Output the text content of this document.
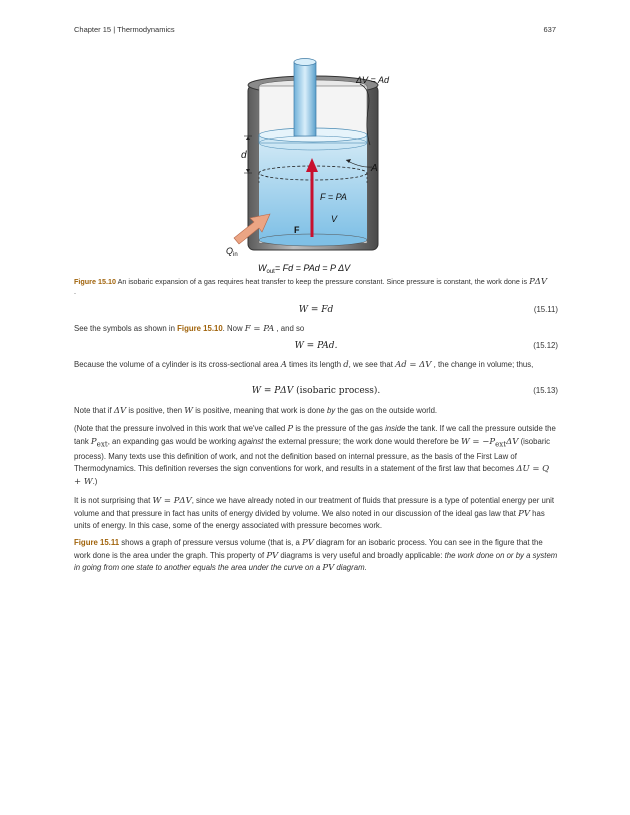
Chapter 15 | Thermodynamics	637
d
ΔV = Ad
A
F = PA
V
F
$Q_{in}$
$W_{out}= Fd$ = PAd = P ΔV
Figure 15.10 An isobaric expansion of a gas requires heat transfer to keep the pressure constant. Since pressure is constant, the work done is PΔV
.
W = Fd	(15.11)
See the symbols as shown in Figure 15.10. Now F = PA , and so
W = PAd.	(15.12)
Because the volume of a cylinder is its cross-sectional area A times its length d, we see that Ad = ΔV , the change in volume; thus,
W = PΔV (isobaric process).	(15.13)
Note that if ΔV is positive, then W is positive, meaning that work is done by the gas on the outside world.
(Note that the pressure involved in this work that we've called P is the pressure of the gas inside the tank. If we call the pressure outside the tank $P_{ext}$, an expanding gas would be working against the external pressure; the work done would therefore be $W = -P_{ext}\Delta V$ (isobaric process). Many texts use this definition of work, and not the definition based on internal pressure, as the basis of the First Law of Thermodynamics. This definition reverses the sign conventions for work, and results in a statement of the first law that becomes ΔU = Q + W.)
It is not surprising that W = PΔV, since we have already noted in our treatment of fluids that pressure is a type of potential energy per unit volume and that pressure in fact has units of energy divided by volume. We also noted in our discussion of the ideal gas law that PV has units of energy. In this case, some of the energy associated with pressure becomes work.
Figure 15.11 shows a graph of pressure versus volume (that is, a PV diagram for an isobaric process. You can see in the figure that the work done is the area under the graph. This property of PV diagrams is very useful and broadly applicable: the work done on or by a system in going from one state to another equals the area under the curve on a PV diagram.
